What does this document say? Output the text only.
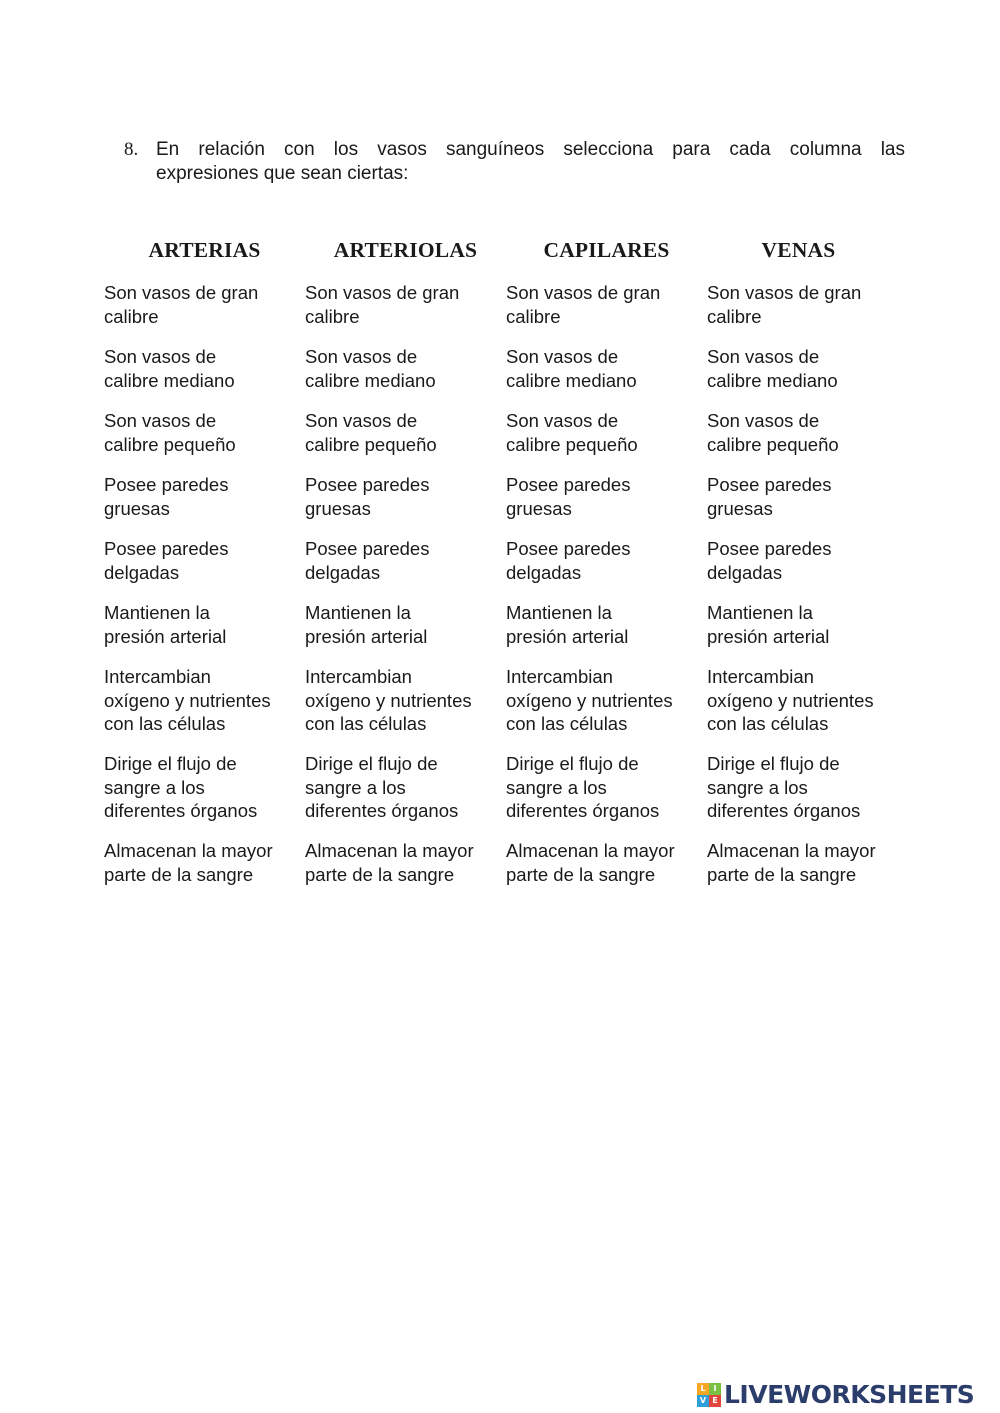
8. En relación con los vasos sanguíneos selecciona para cada columna las
expresiones que sean ciertas:
ARTERIAS
Son vasos de gran
calibre
Son vasos de
calibre mediano
Son vasos de
calibre pequeño
Posee paredes
gruesas
Posee paredes
delgadas
Mantienen la
presión arterial
Intercambian
oxígeno y nutrientes
con las células
Dirige el flujo de
sangre a los
diferentes órganos
Almacenan la mayor
parte de la sangre
ARTERIOLAS
Son vasos de gran
calibre
Son vasos de
calibre mediano
Son vasos de
calibre pequeño
Posee paredes
gruesas
Posee paredes
delgadas
Mantienen la
presión arterial
Intercambian
oxígeno y nutrientes
con las células
Dirige el flujo de
sangre a los
diferentes órganos
Almacenan la mayor
parte de la sangre
CAPILARES
Son vasos de gran
calibre
Son vasos de
calibre mediano
Son vasos de
calibre pequeño
Posee paredes
gruesas
Posee paredes
delgadas
Mantienen la
presión arterial
Intercambian
oxígeno y nutrientes
con las células
Dirige el flujo de
sangre a los
diferentes órganos
Almacenan la mayor
parte de la sangre
VENAS
Son vasos de gran
calibre
Son vasos de
calibre mediano
Son vasos de
calibre pequeño
Posee paredes
gruesas
Posee paredes
delgadas
Mantienen la
presión arterial
Intercambian
oxígeno y nutrientes
con las células
Dirige el flujo de
sangre a los
diferentes órganos
Almacenan la mayor
parte de la sangre
L I
V E LIVEWORKSHEETS
